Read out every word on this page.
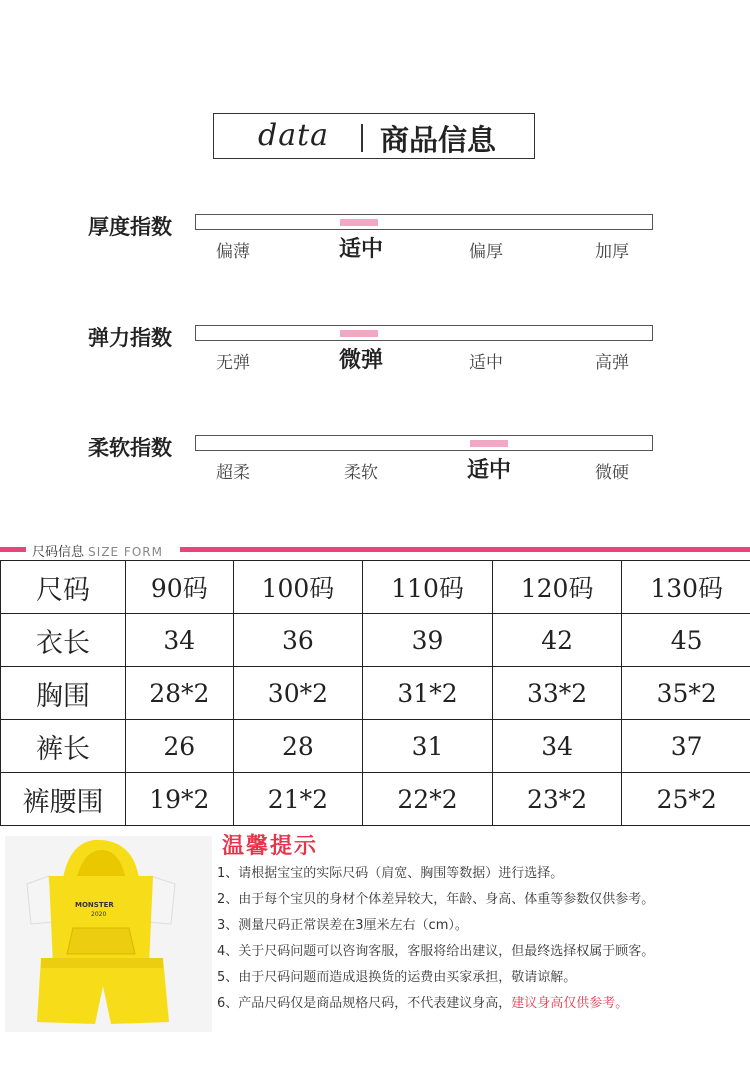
data 商品信息
厚度指数
偏薄	适中	偏厚	加厚
弹力指数
无弹	微弹	适中	高弹
柔软指数
超柔	柔软	适中	微硬
尺码信息 SIZE FORM
尺码	90码	100码	110码	120码	130码
衣长	34	36	39	42	45
胸围	28*2	30*2	31*2	33*2	35*2
裤长	26	28	31	34	37
裤腰围	19*2	21*2	22*2	23*2	25*2
MONSTER
2020
温馨提示
1、请根据宝宝的实际尺码（肩宽、胸围等数据）进行选择。
2、由于每个宝贝的身材个体差异较大，年龄、身高、体重等参数仅供参考。
3、测量尺码正常误差在3厘米左右（cm）。
4、关于尺码问题可以咨询客服，客服将给出建议，但最终选择权属于顾客。
5、由于尺码问题而造成退换货的运费由买家承担，敬请谅解。
6、产品尺码仅是商品规格尺码，不代表建议身高，建议身高仅供参考。
